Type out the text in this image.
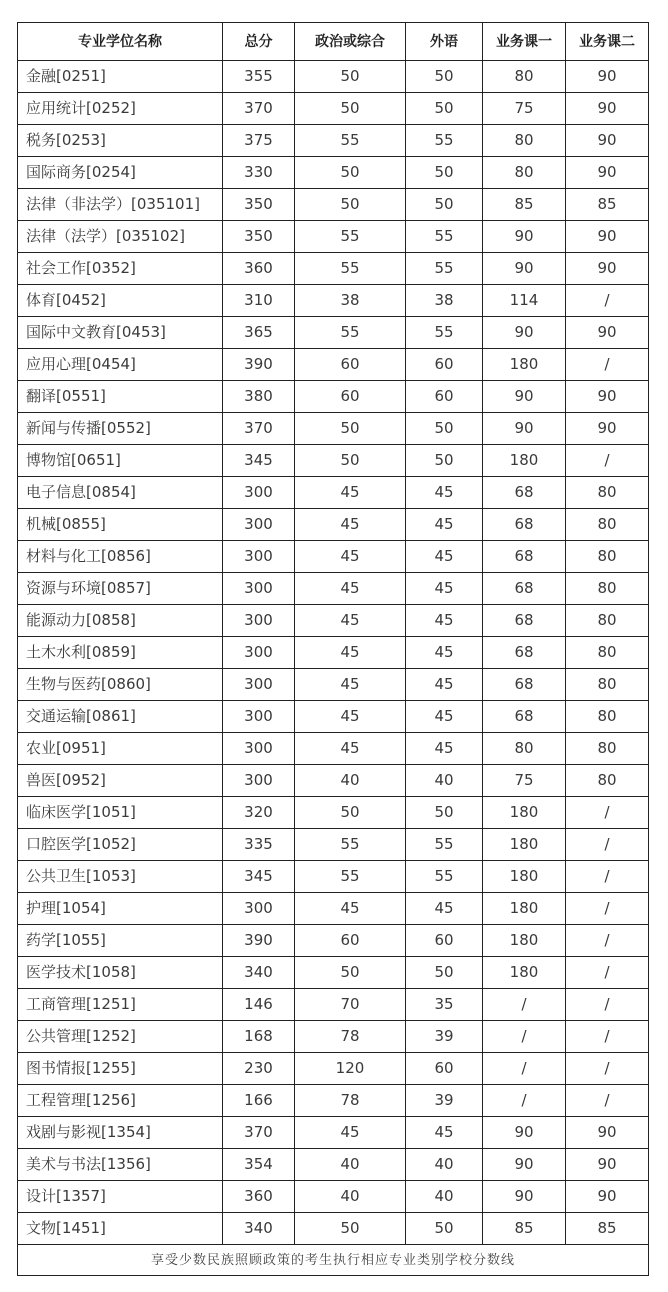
专业学位名称	总分	政治或综合	外语	业务课一	业务课二
金融[0251]	355	50	50	80	90
应用统计[0252]	370	50	50	75	90
税务[0253]	375	55	55	80	90
国际商务[0254]	330	50	50	80	90
法律（非法学）[035101]	350	50	50	85	85
法律（法学）[035102]	350	55	55	90	90
社会工作[0352]	360	55	55	90	90
体育[0452]	310	38	38	114	/
国际中文教育[0453]	365	55	55	90	90
应用心理[0454]	390	60	60	180	/
翻译[0551]	380	60	60	90	90
新闻与传播[0552]	370	50	50	90	90
博物馆[0651]	345	50	50	180	/
电子信息[0854]	300	45	45	68	80
机械[0855]	300	45	45	68	80
材料与化工[0856]	300	45	45	68	80
资源与环境[0857]	300	45	45	68	80
能源动力[0858]	300	45	45	68	80
土木水利[0859]	300	45	45	68	80
生物与医药[0860]	300	45	45	68	80
交通运输[0861]	300	45	45	68	80
农业[0951]	300	45	45	80	80
兽医[0952]	300	40	40	75	80
临床医学[1051]	320	50	50	180	/
口腔医学[1052]	335	55	55	180	/
公共卫生[1053]	345	55	55	180	/
护理[1054]	300	45	45	180	/
药学[1055]	390	60	60	180	/
医学技术[1058]	340	50	50	180	/
工商管理[1251]	146	70	35	/	/
公共管理[1252]	168	78	39	/	/
图书情报[1255]	230	120	60	/	/
工程管理[1256]	166	78	39	/	/
戏剧与影视[1354]	370	45	45	90	90
美术与书法[1356]	354	40	40	90	90
设计[1357]	360	40	40	90	90
文物[1451]	340	50	50	85	85
享受少数民族照顾政策的考生执行相应专业类别学校分数线					
